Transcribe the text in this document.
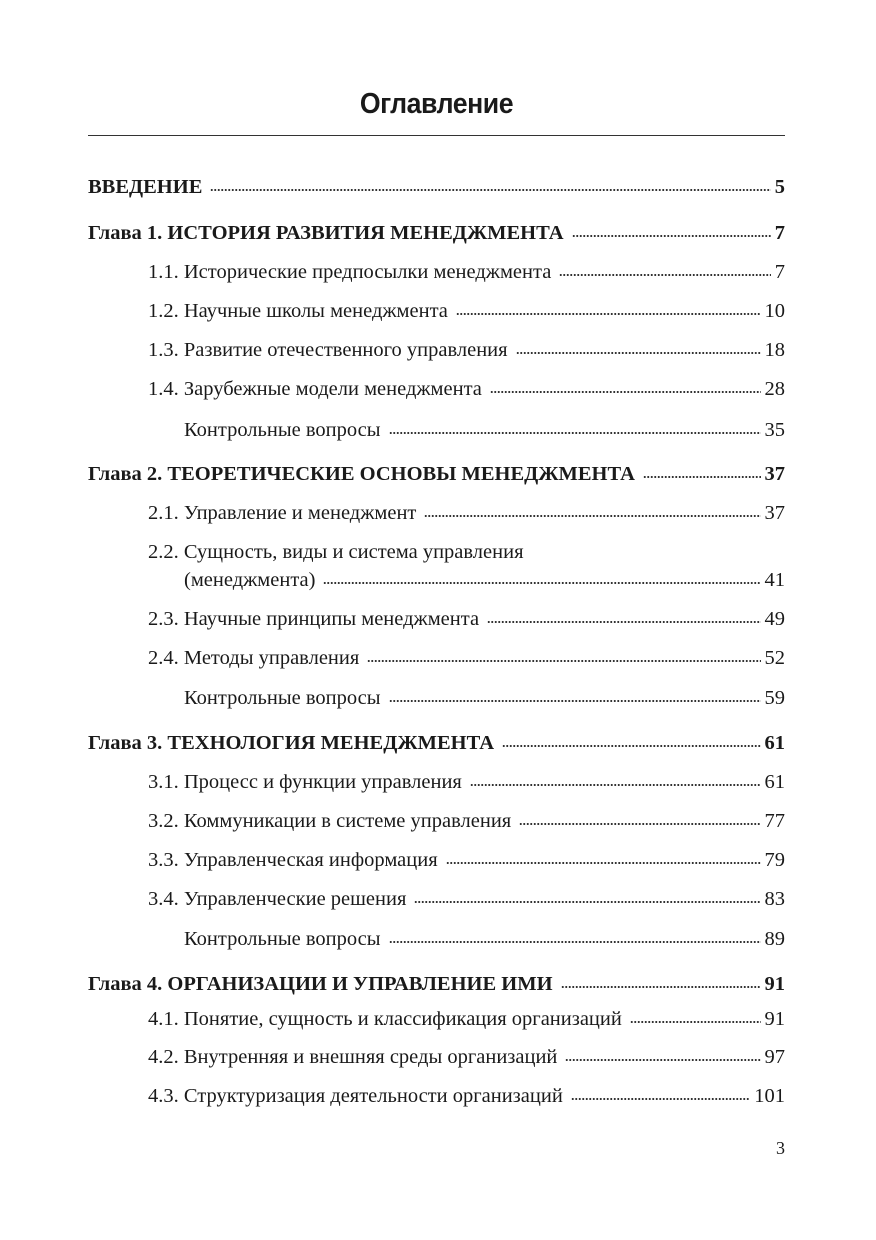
Оглавление
ВВЕДЕНИЕ	5
Глава 1. ИСТОРИЯ РАЗВИТИЯ МЕНЕДЖМЕНТА	7
1.1. Исторические предпосылки менеджмента	7
1.2. Научные школы менеджмента	10
1.3. Развитие отечественного управления	18
1.4. Зарубежные модели менеджмента	28
Контрольные вопросы	35
Глава 2. ТЕОРЕТИЧЕСКИЕ ОСНОВЫ МЕНЕДЖМЕНТА	37
2.1. Управление и менеджмент	37
2.2. Сущность, виды и система управления
(менеджмента)	41
2.3. Научные принципы менеджмента	49
2.4. Методы управления	52
Контрольные вопросы	59
Глава 3. ТЕХНОЛОГИЯ МЕНЕДЖМЕНТА	61
3.1. Процесс и функции управления	61
3.2. Коммуникации в системе управления	77
3.3. Управленческая информация	79
3.4. Управленческие решения	83
Контрольные вопросы	89
Глава 4. ОРГАНИЗАЦИИ И УПРАВЛЕНИЕ ИМИ	91
4.1. Понятие, сущность и классификация организаций	91
4.2. Внутренняя и внешняя среды организаций	97
4.3. Структуризация деятельности организаций	101
3
